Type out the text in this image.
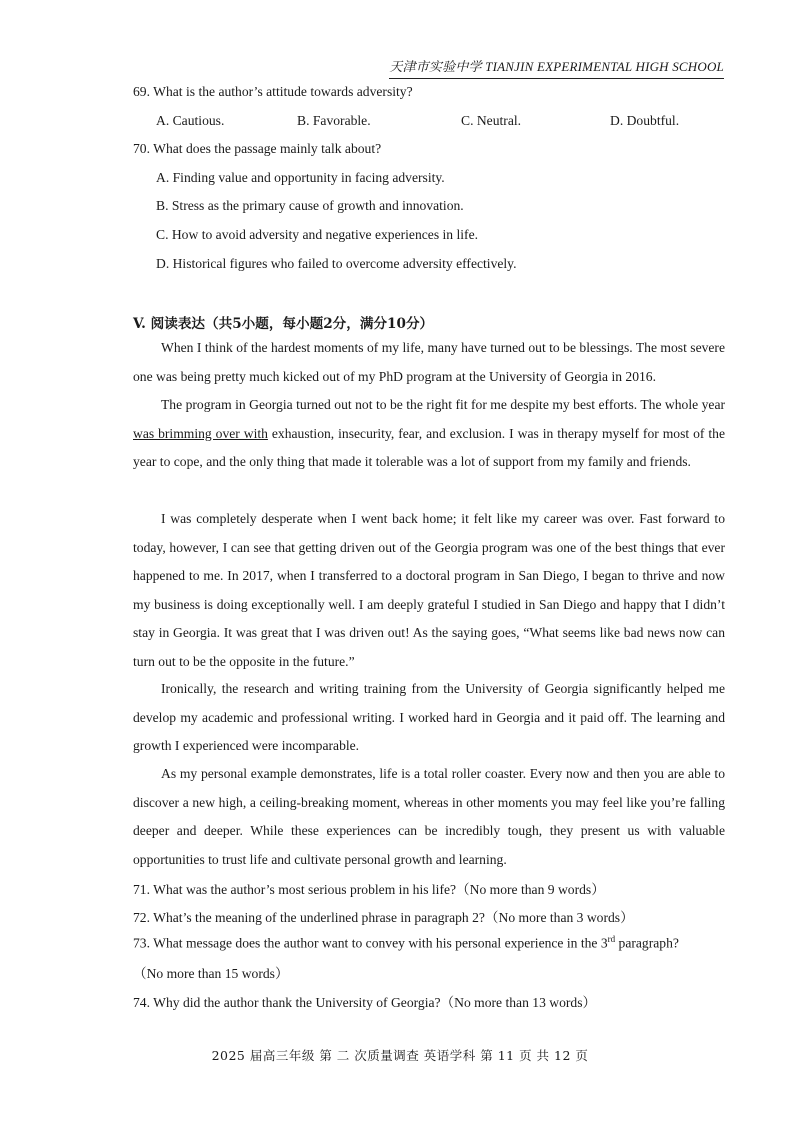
天津市实验中学 TIANJIN EXPERIMENTAL HIGH SCHOOL
69. What is the author’s attitude towards adversity?
A. Cautious.	B. Favorable.	C. Neutral.	D. Doubtful.
70. What does the passage mainly talk about?
A. Finding value and opportunity in facing adversity.
B. Stress as the primary cause of growth and innovation.
C. How to avoid adversity and negative experiences in life.
D. Historical figures who failed to overcome adversity effectively.
V. 阅读表达（共5小题，每小题2分，满分10分）
When I think of the hardest moments of my life, many have turned out to be blessings. The most severe one was being pretty much kicked out of my PhD program at the University of Georgia in 2016.
The program in Georgia turned out not to be the right fit for me despite my best efforts. The whole year was brimming over with exhaustion, insecurity, fear, and exclusion. I was in therapy myself for most of the year to cope, and the only thing that made it tolerable was a lot of support from my family and friends.
I was completely desperate when I went back home; it felt like my career was over. Fast forward to today, however, I can see that getting driven out of the Georgia program was one of the best things that ever happened to me. In 2017, when I transferred to a doctoral program in San Diego, I began to thrive and now my business is doing exceptionally well. I am deeply grateful I studied in San Diego and happy that I didn’t stay in Georgia. It was great that I was driven out! As the saying goes, “What seems like bad news now can turn out to be the opposite in the future.”
Ironically, the research and writing training from the University of Georgia significantly helped me develop my academic and professional writing. I worked hard in Georgia and it paid off. The learning and growth I experienced were incomparable.
As my personal example demonstrates, life is a total roller coaster. Every now and then you are able to discover a new high, a ceiling-breaking moment, whereas in other moments you may feel like you’re falling deeper and deeper. While these experiences can be incredibly tough, they present us with valuable opportunities to trust life and cultivate personal growth and learning.
71. What was the author’s most serious problem in his life?（No more than 9 words）
72. What’s the meaning of the underlined phrase in paragraph 2?（No more than 3 words）
73. What message does the author want to convey with his personal experience in the 3rd paragraph?
（No more than 15 words）
74. Why did the author thank the University of Georgia?（No more than 13 words）
2025 届高三年级 第 二 次质量调查 英语学科 第 11 页 共 12 页
